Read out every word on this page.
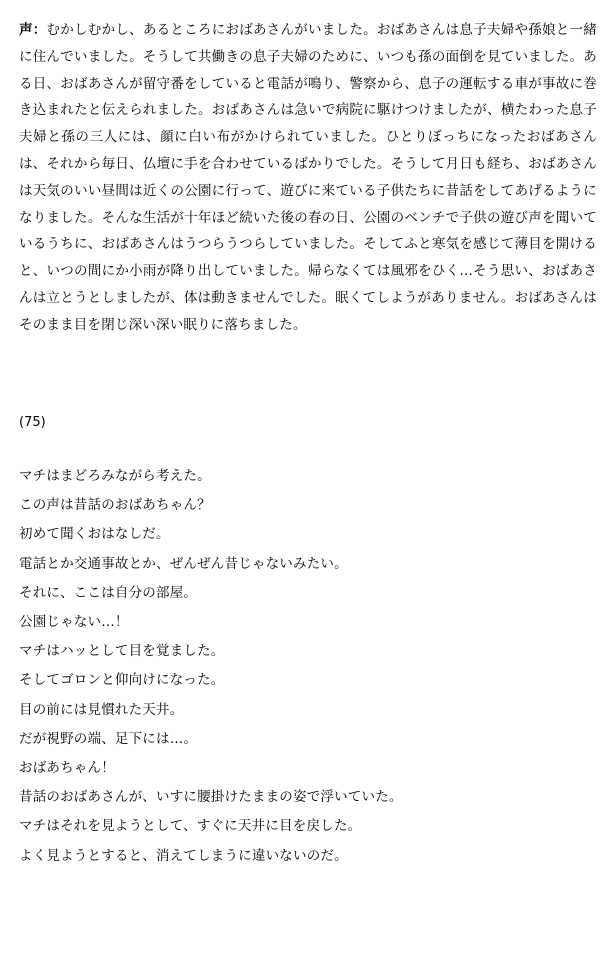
声：むかしむかし、あるところにおばあさんがいました。おばあさんは息子夫婦や孫娘と一緒に住んでいました。そうして共働きの息子夫婦のために、いつも孫の面倒を見ていました。ある日、おばあさんが留守番をしていると電話が鳴り、警察から、息子の運転する車が事故に巻き込まれたと伝えられました。おばあさんは急いで病院に駆けつけましたが、横たわった息子夫婦と孫の三人には、顔に白い布がかけられていました。ひとりぼっちになったおばあさんは、それから毎日、仏壇に手を合わせているばかりでした。そうして月日も経ち、おばあさんは天気のいい昼間は近くの公園に行って、遊びに来ている子供たちに昔話をしてあげるようになりました。そんな生活が十年ほど続いた後の春の日、公園のベンチで子供の遊び声を聞いているうちに、おばあさんはうつらうつらしていました。そしてふと寒気を感じて薄目を開けると、いつの間にか小雨が降り出していました。帰らなくては風邪をひく…そう思い、おばあさんは立とうとしましたが、体は動きませんでした。眠くてしようがありません。おばあさんはそのまま目を閉じ深い深い眠りに落ちました。

(75)
マチはまどろみながら考えた。
この声は昔話のおばあちゃん？
初めて聞くおはなしだ。
電話とか交通事故とか、ぜんぜん昔じゃないみたい。
それに、ここは自分の部屋。
公園じゃない…！
マチはハッとして目を覚ました。
そしてゴロンと仰向けになった。
目の前には見慣れた天井。
だが視野の端、足下には…。
おばあちゃん！
昔話のおばあさんが、いすに腰掛けたままの姿で浮いていた。
マチはそれを見ようとして、すぐに天井に目を戻した。
よく見ようとすると、消えてしまうに違いないのだ。
